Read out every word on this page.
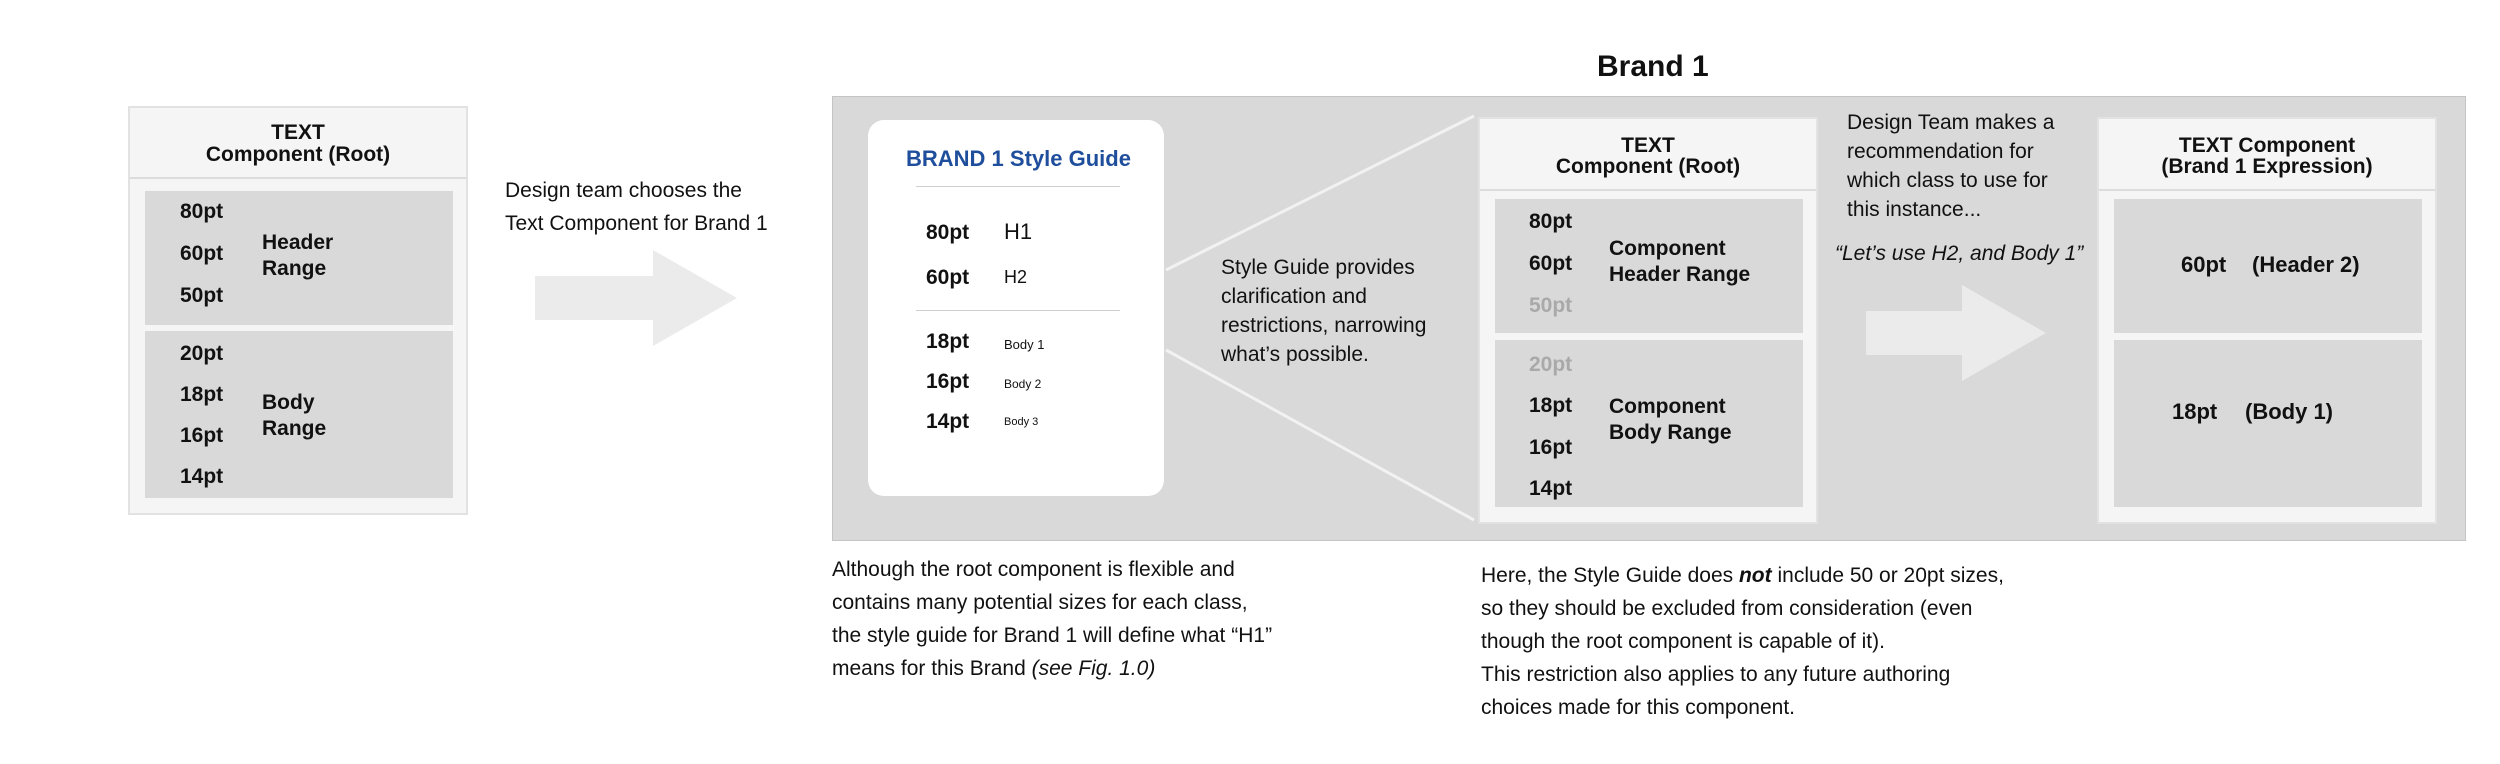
TEXT
Component (Root)
80pt
60pt
50pt
Header
Range
20pt
18pt
16pt
14pt
Body
Range
Design team chooses the
Text Component for Brand 1
Brand 1
BRAND 1 Style Guide
80pt H1
60pt H2
18pt	Body 1
16pt	Body 2
14pt	Body 3
Style Guide provides
clarification and
restrictions, narrowing
what’s possible.
TEXT
Component (Root)
80pt
60pt
50pt
Component
Header Range
20pt
18pt
16pt
14pt
Component
Body Range
Design Team makes a
recommendation for
which class to use for
this instance...
“Let’s use H2, and Body 1”
TEXT Component
(Brand 1 Expression)
60pt (Header 2)
18pt (Body 1)
Although the root component is flexible and
contains many potential sizes for each class,
the style guide for Brand 1 will define what “H1”
means for this Brand (see Fig. 1.0)
Here, the Style Guide does not include 50 or 20pt sizes,
so they should be excluded from consideration (even
though the root component is capable of it).
This restriction also applies to any future authoring
choices made for this component.
